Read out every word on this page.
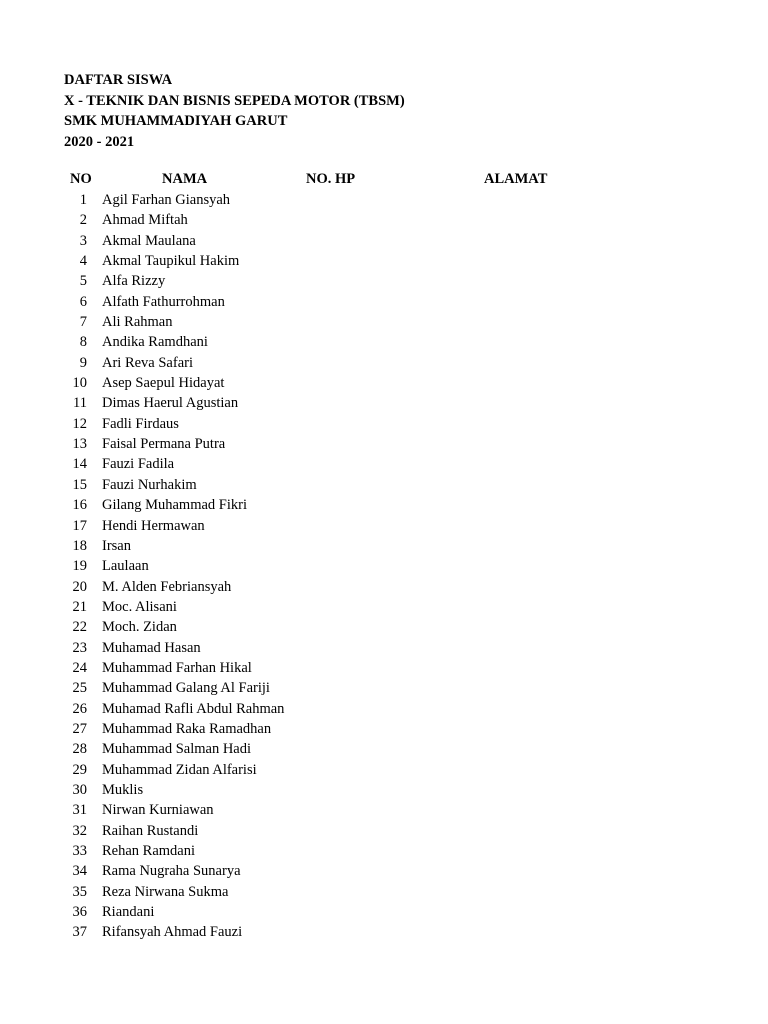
DAFTAR SISWA
X - TEKNIK DAN BISNIS SEPEDA MOTOR (TBSM)
SMK MUHAMMADIYAH GARUT
2020 - 2021
NO	NAMA	NO. HP	ALAMAT
1 Agil Farhan Giansyah
2 Ahmad Miftah
3 Akmal Maulana
4 Akmal Taupikul Hakim
5 Alfa Rizzy
6 Alfath Fathurrohman
7 Ali Rahman
8 Andika Ramdhani
9 Ari Reva Safari
10 Asep Saepul Hidayat
11 Dimas Haerul Agustian
12 Fadli Firdaus
13 Faisal Permana Putra
14 Fauzi Fadila
15 Fauzi Nurhakim
16 Gilang Muhammad Fikri
17 Hendi Hermawan
18 Irsan
19 Laulaan
20 M. Alden Febriansyah
21 Moc. Alisani
22 Moch. Zidan
23 Muhamad Hasan
24 Muhammad Farhan Hikal
25 Muhammad Galang Al Fariji
26 Muhamad Rafli Abdul Rahman
27 Muhammad Raka Ramadhan
28 Muhammad Salman Hadi
29 Muhammad Zidan Alfarisi
30 Muklis
31 Nirwan Kurniawan
32 Raihan Rustandi
33 Rehan Ramdani
34 Rama Nugraha Sunarya
35 Reza Nirwana Sukma
36 Riandani
37 Rifansyah Ahmad Fauzi
